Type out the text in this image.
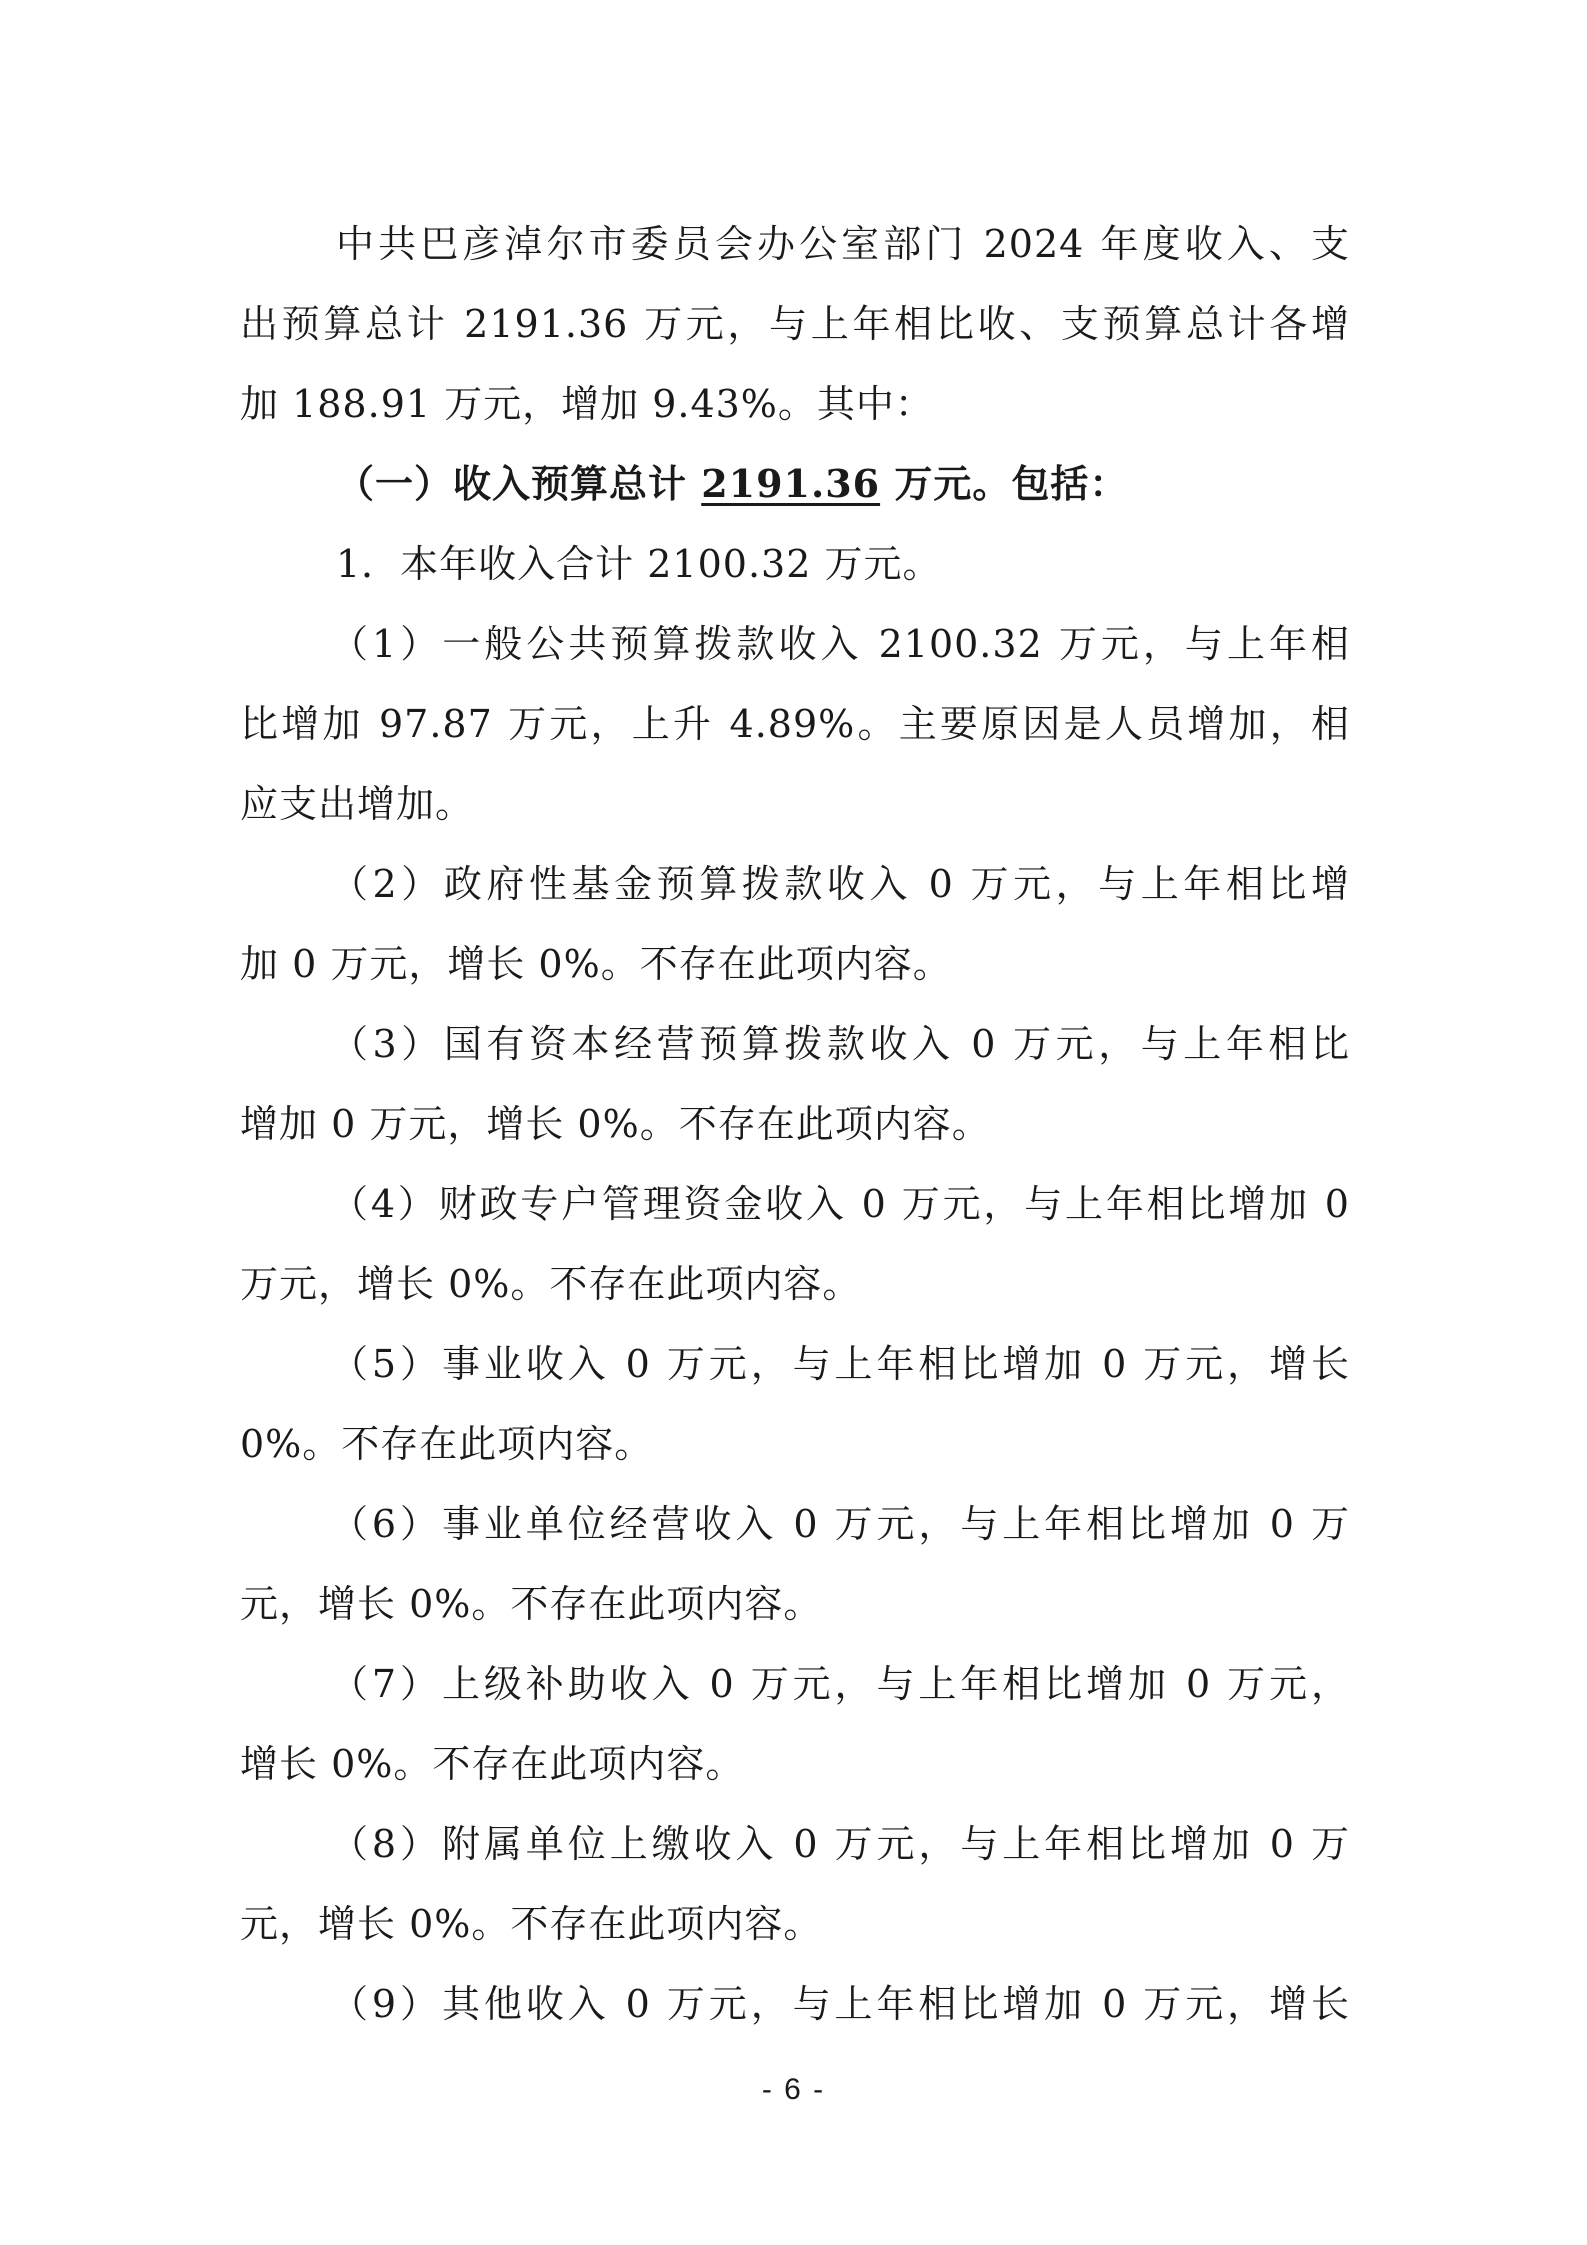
中共巴彦淖尔市委员会办公室部门 2024 年度收入、支

出预算总计 2191.36 万元，与上年相比收、支预算总计各增

加 188.91 万元，增加 9.43%。其中：

（一）收入预算总计 2191.36 万元。包括：

1．本年收入合计 2100.32 万元。

（1）一般公共预算拨款收入 2100.32 万元，与上年相

比增加 97.87 万元，上升 4.89%。主要原因是人员增加，相

应支出增加。

（2）政府性基金预算拨款收入 0 万元，与上年相比增

加 0 万元，增长 0%。不存在此项内容。

（3）国有资本经营预算拨款收入 0 万元，与上年相比

增加 0 万元，增长 0%。不存在此项内容。

（4）财政专户管理资金收入 0 万元，与上年相比增加 0

万元，增长 0%。不存在此项内容。

（5）事业收入 0 万元，与上年相比增加 0 万元，增长

0%。不存在此项内容。

（6）事业单位经营收入 0 万元，与上年相比增加 0 万

元，增长 0%。不存在此项内容。

（7）上级补助收入 0 万元，与上年相比增加 0 万元，

增长 0%。不存在此项内容。

（8）附属单位上缴收入 0 万元，与上年相比增加 0 万

元，增长 0%。不存在此项内容。

（9）其他收入 0 万元，与上年相比增加 0 万元，增长

- 6 -
